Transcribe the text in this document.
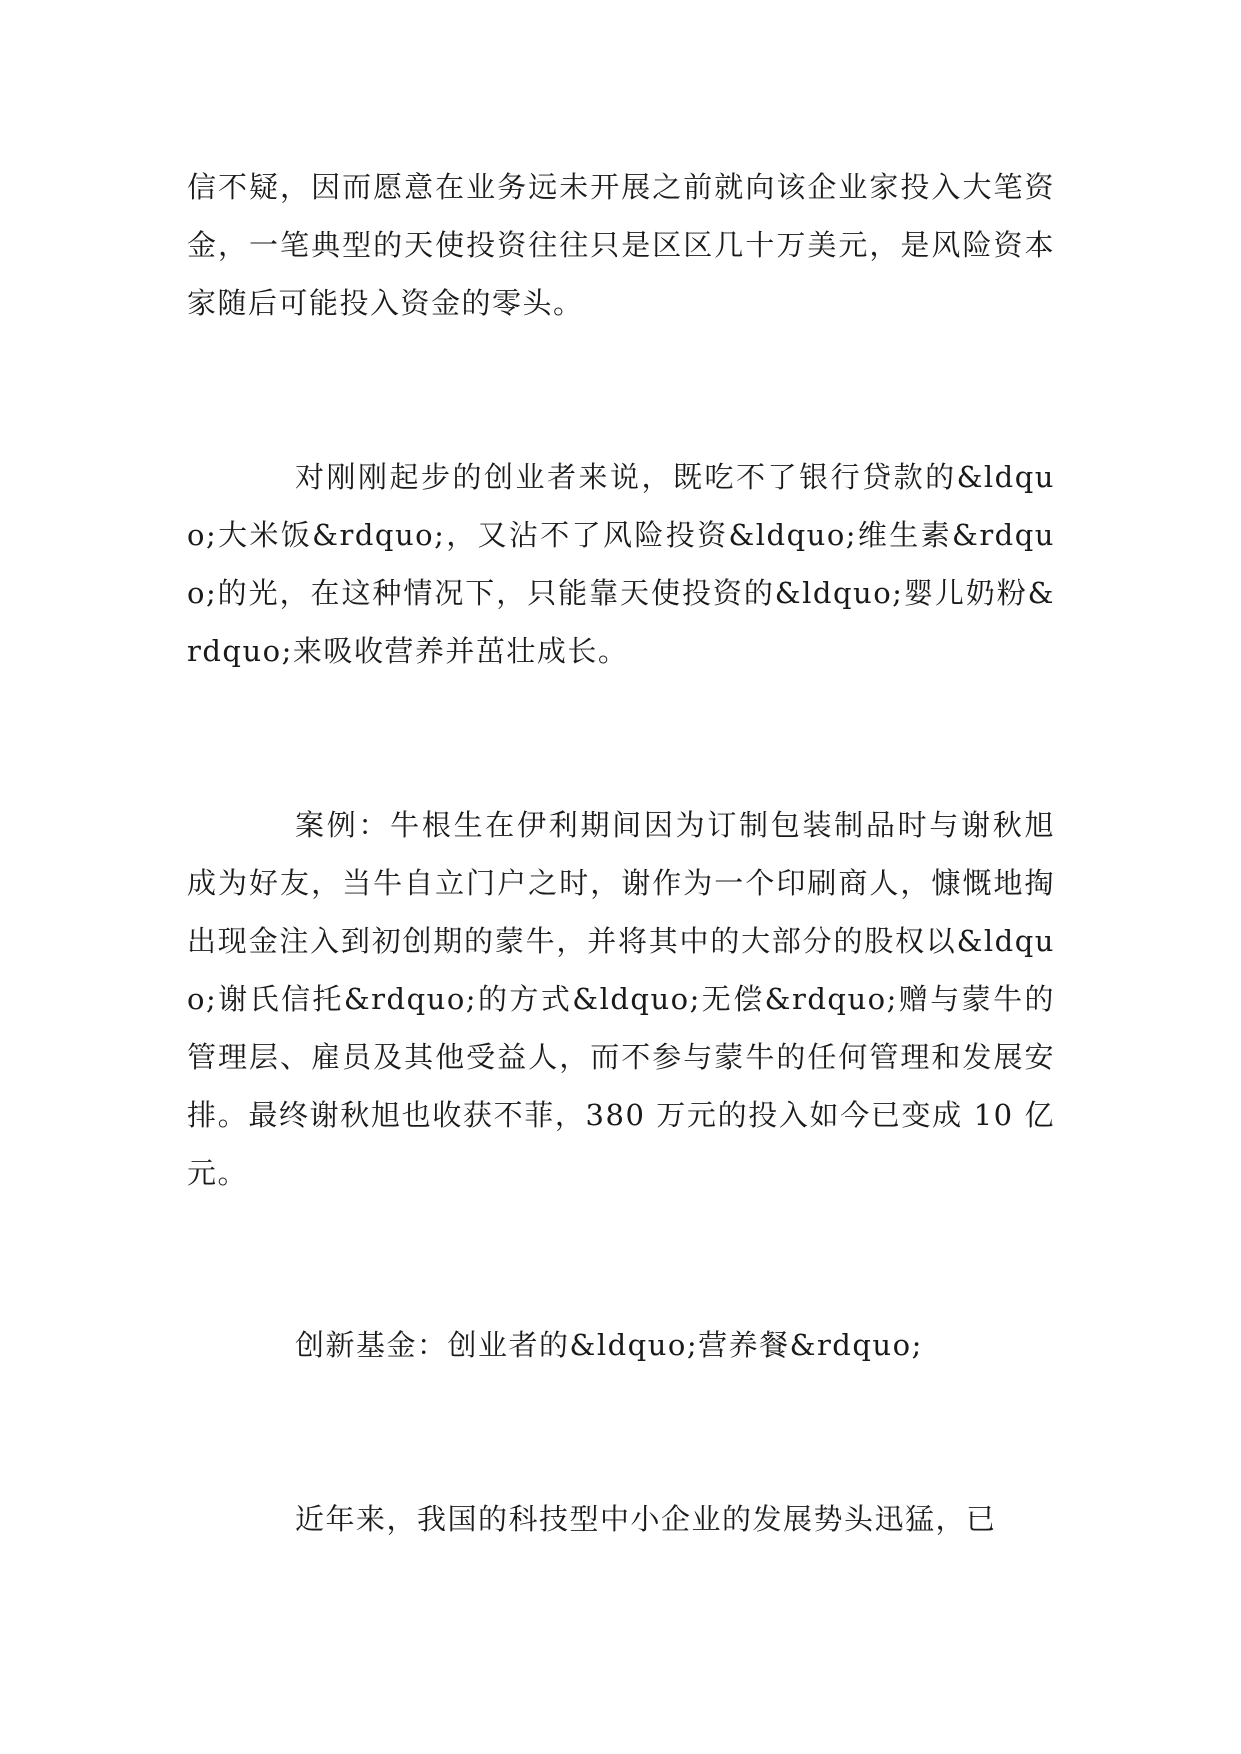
信不疑，因而愿意在业务远未开展之前就向该企业家投入大笔资金，一笔典型的天使投资往往只是区区几十万美元，是风险资本家随后可能投入资金的零头。

对刚刚起步的创业者来说，既吃不了银行贷款的&ldquo;大米饭&rdquo;，又沾不了风险投资&ldquo;维生素&rdquo;的光，在这种情况下，只能靠天使投资的&ldquo;婴儿奶粉&rdquo;来吸收营养并茁壮成长。

案例：牛根生在伊利期间因为订制包装制品时与谢秋旭成为好友，当牛自立门户之时，谢作为一个印刷商人，慷慨地掏出现金注入到初创期的蒙牛，并将其中的大部分的股权以&ldquo;谢氏信托&rdquo;的方式&ldquo;无偿&rdquo;赠与蒙牛的管理层、雇员及其他受益人，而不参与蒙牛的任何管理和发展安排。最终谢秋旭也收获不菲，380 万元的投入如今已变成 10 亿元。

创新基金：创业者的&ldquo;营养餐&rdquo;

近年来，我国的科技型中小企业的发展势头迅猛，已
